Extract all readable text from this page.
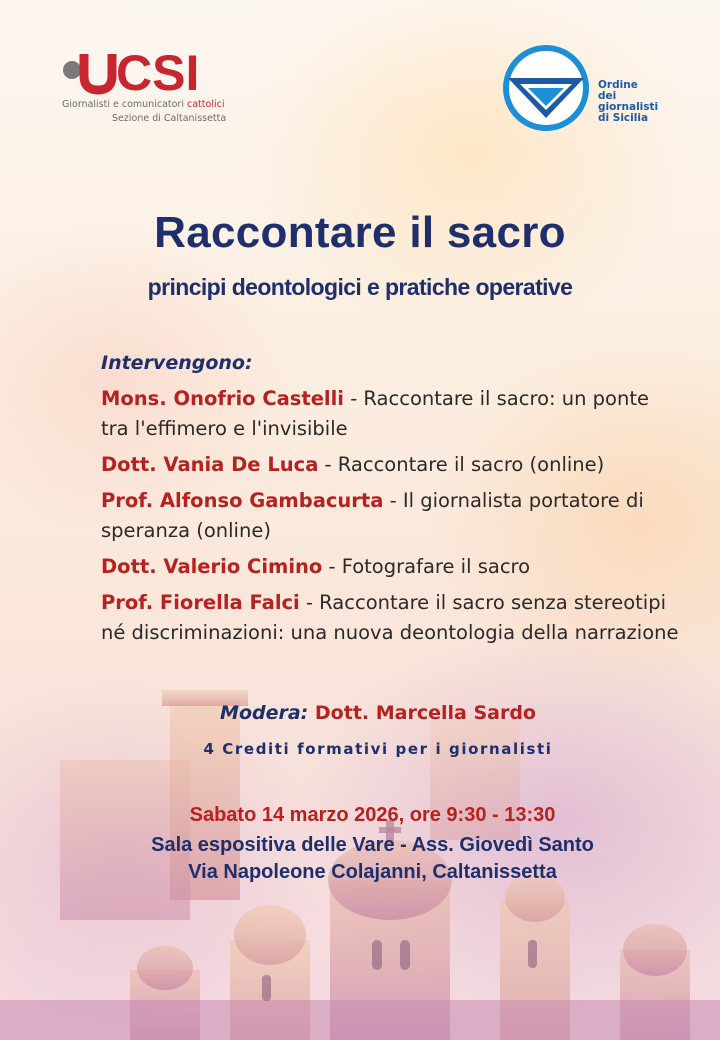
CSI
Giornalisti e comunicatori cattolici
Sezione di Caltanissetta
Ordine
dei
giornalisti
di Sicilia
Raccontare il sacro
principi deontologici e pratiche operative
Intervengono:
Mons. Onofrio Castelli - Raccontare il sacro: un ponte tra l'effimero e l'invisibile
Dott. Vania De Luca - Raccontare il sacro (online)
Prof. Alfonso Gambacurta - Il giornalista portatore di speranza (online)
Dott. Valerio Cimino - Fotografare il sacro
Prof. Fiorella Falci - Raccontare il sacro senza stereotipi né discriminazioni: una nuova deontologia della narrazione
Modera: Dott. Marcella Sardo
4 Crediti formativi per i giornalisti
Sabato 14 marzo 2026, ore 9:30 - 13:30
Sala espositiva delle Vare - Ass. Giovedì Santo
Via Napoleone Colajanni, Caltanissetta
